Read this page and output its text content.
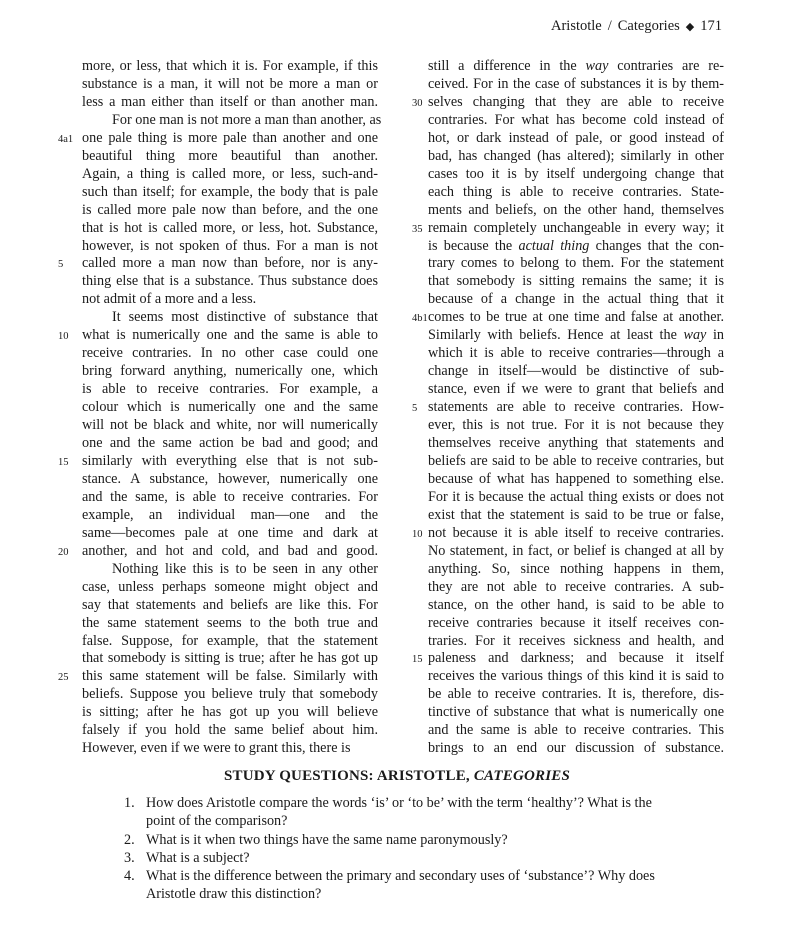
Aristotle / Categories ◆ 171
more, or less, that which it is. For example, if this
substance is a man, it will not be more a man or
less a man either than itself or than another man.
For one man is not more a man than another, as
4a1 one pale thing is more pale than another and one
beautiful thing more beautiful than another.
Again, a thing is called more, or less, such-and-
such than itself; for example, the body that is pale
is called more pale now than before, and the one
that is hot is called more, or less, hot. Substance,
however, is not spoken of thus. For a man is not
5 called more a man now than before, nor is any-
thing else that is a substance. Thus substance does
not admit of a more and a less.
It seems most distinctive of substance that
10 what is numerically one and the same is able to
receive contraries. In no other case could one
bring forward anything, numerically one, which
is able to receive contraries. For example, a
colour which is numerically one and the same
will not be black and white, nor will numerically
one and the same action be bad and good; and
15 similarly with everything else that is not sub-
stance. A substance, however, numerically one
and the same, is able to receive contraries. For
example, an individual man—one and the
same—becomes pale at one time and dark at
20 another, and hot and cold, and bad and good.
Nothing like this is to be seen in any other
case, unless perhaps someone might object and
say that statements and beliefs are like this. For
the same statement seems to the both true and
false. Suppose, for example, that the statement
that somebody is sitting is true; after he has got up
25 this same statement will be false. Similarly with
beliefs. Suppose you believe truly that somebody
is sitting; after he has got up you will believe
falsely if you hold the same belief about him.
However, even if we were to grant this, there is
still a difference in the way contraries are re-
ceived. For in the case of substances it is by them-
30 selves changing that they are able to receive
contraries. For what has become cold instead of
hot, or dark instead of pale, or good instead of
bad, has changed (has altered); similarly in other
cases too it is by itself undergoing change that
each thing is able to receive contraries. State-
ments and beliefs, on the other hand, themselves
35 remain completely unchangeable in every way; it
is because the actual thing changes that the con-
trary comes to belong to them. For the statement
that somebody is sitting remains the same; it is
because of a change in the actual thing that it
4b1 comes to be true at one time and false at another.
Similarly with beliefs. Hence at least the way in
which it is able to receive contraries—through a
change in itself—would be distinctive of sub-
stance, even if we were to grant that beliefs and
5 statements are able to receive contraries. How-
ever, this is not true. For it is not because they
themselves receive anything that statements and
beliefs are said to be able to receive contraries, but
because of what has happened to something else.
For it is because the actual thing exists or does not
exist that the statement is said to be true or false,
10 not because it is able itself to receive contraries.
No statement, in fact, or belief is changed at all by
anything. So, since nothing happens in them,
they are not able to receive contraries. A sub-
stance, on the other hand, is said to be able to
receive contraries because it itself receives con-
traries. For it receives sickness and health, and
15 paleness and darkness; and because it itself
receives the various things of this kind it is said to
be able to receive contraries. It is, therefore, dis-
tinctive of substance that what is numerically one
and the same is able to receive contraries. This
brings to an end our discussion of substance.
STUDY QUESTIONS: ARISTOTLE, CATEGORIES
1. How does Aristotle compare the words ‘is’ or ‘to be’ with the term ‘healthy’? What is the
point of the comparison?
2. What is it when two things have the same name paronymously?
3. What is a subject?
4. What is the difference between the primary and secondary uses of ‘substance’? Why does
Aristotle draw this distinction?
